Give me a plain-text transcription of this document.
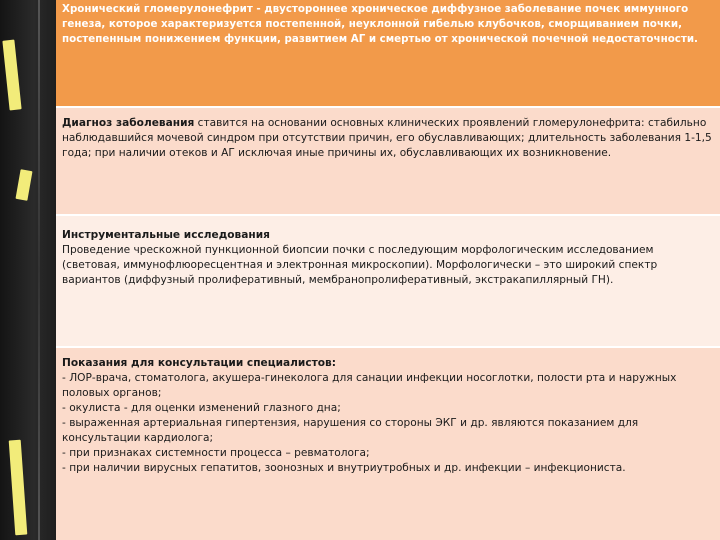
Хронический гломерулонефрит - двустороннее хроническое диффузное заболевание почек иммунного генеза, которое характеризуется постепенной, неуклонной гибелью клубочков, сморщиванием почки, постепенным понижением функции, развитием АГ и смертью от хронической почечной недостаточности.
Диагноз заболевания ставится на основании основных клинических проявлений гломерулонефрита: стабильно наблюдавшийся мочевой синдром при отсутствии причин, его обуславливающих; длительность заболевания 1-1,5 года; при наличии отеков и АГ исключая иные причины их, обуславливающих их возникновение.
Инструментальные исследования
Проведение чрескожной пункционной биопсии почки с последующим морфологическим исследованием (световая, иммунофлюоресцентная и электронная микроскопии). Морфологически – это широкий спектр вариантов (диффузный пролиферативный, мембранопролиферативный, экстракапиллярный ГН).
Показания для консультации специалистов:
- ЛОР-врача, стоматолога, акушера-гинеколога для санации инфекции носоглотки, полости рта и наружных половых органов;
- окулиста - для оценки изменений глазного дна;
- выраженная артериальная гипертензия, нарушения со стороны ЭКГ и др. являются показанием для консультации кардиолога;
- при признаках системности процесса – ревматолога;
- при наличии вирусных гепатитов, зоонозных и внутриутробных и др. инфекции – инфекциониста.
